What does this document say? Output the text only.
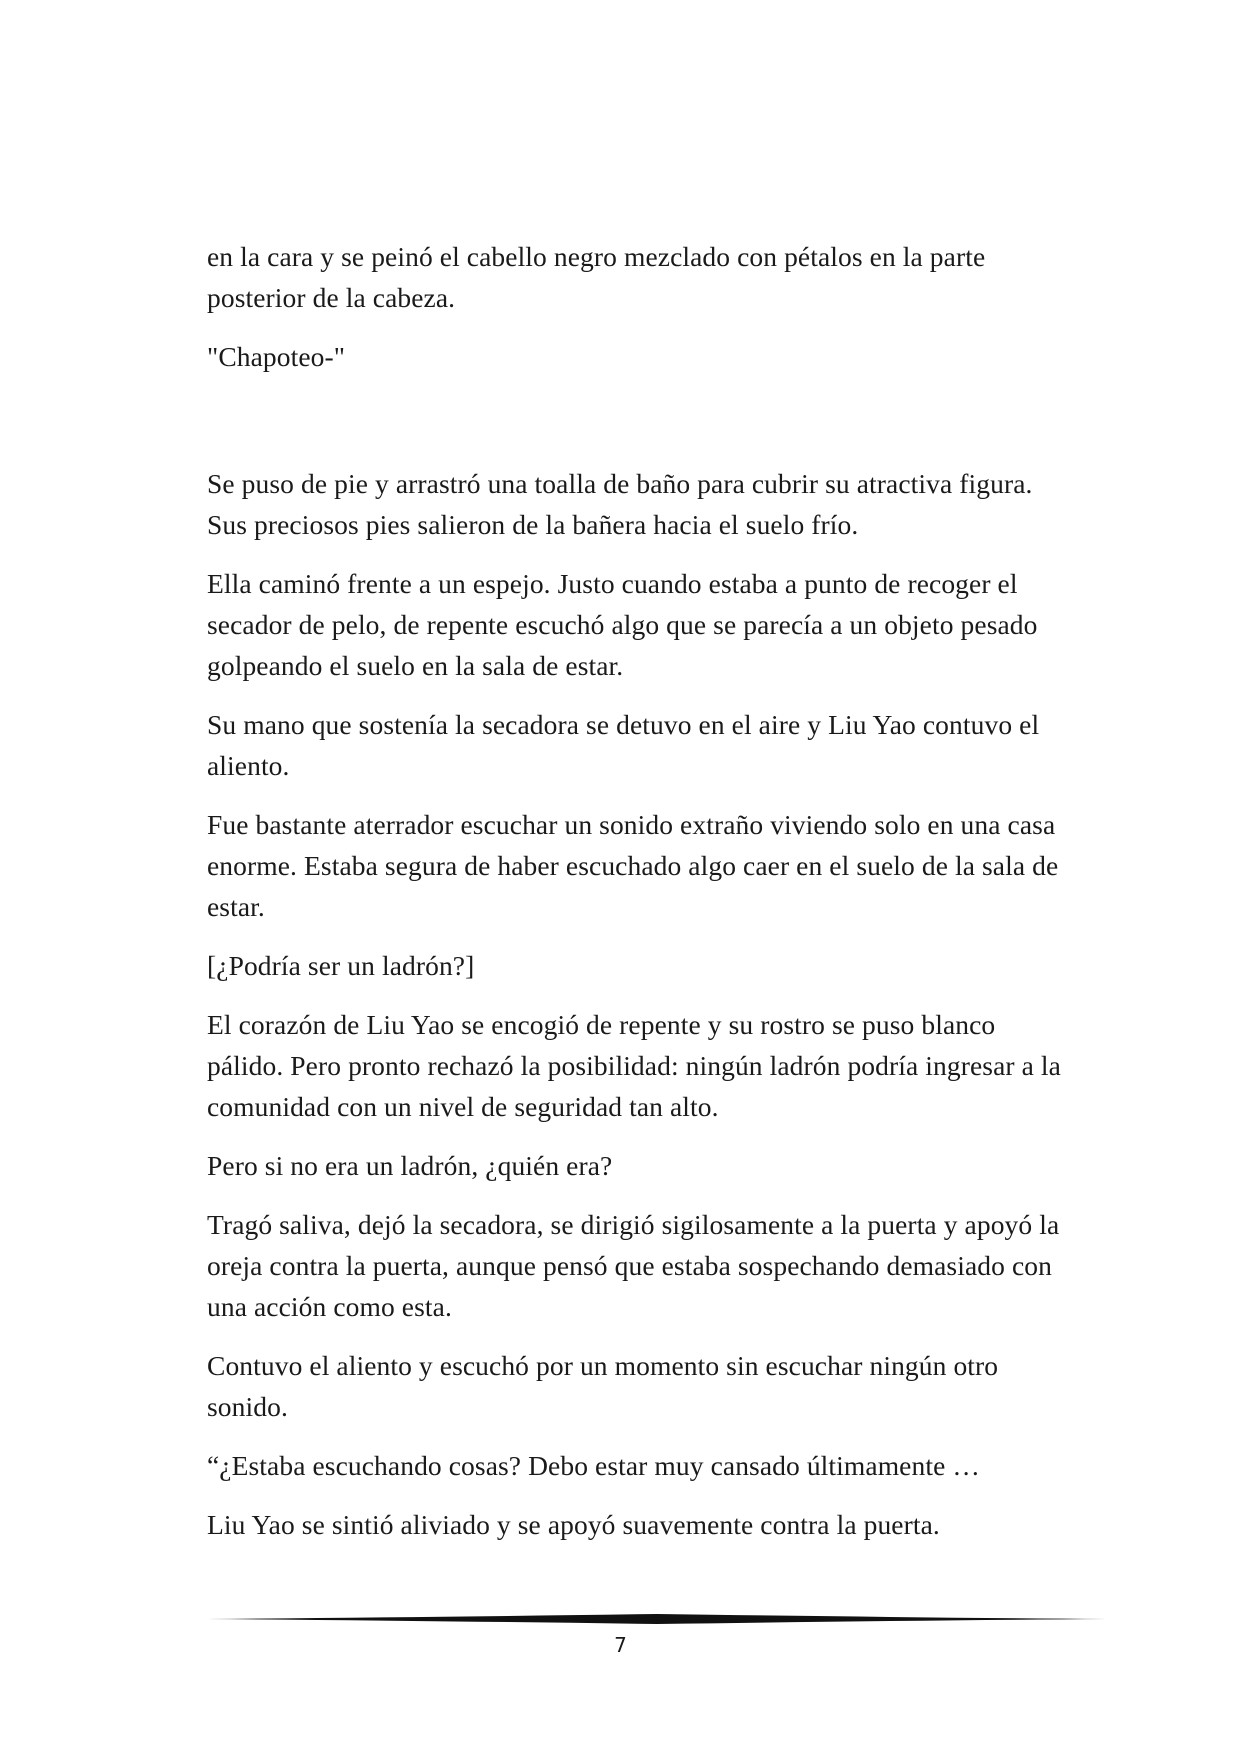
en la cara y se peinó el cabello negro mezclado con pétalos en la parte posterior de la cabeza.

"Chapoteo-"

Se puso de pie y arrastró una toalla de baño para cubrir su atractiva figura. Sus preciosos pies salieron de la bañera hacia el suelo frío.

Ella caminó frente a un espejo. Justo cuando estaba a punto de recoger el secador de pelo, de repente escuchó algo que se parecía a un objeto pesado golpeando el suelo en la sala de estar.

Su mano que sostenía la secadora se detuvo en el aire y Liu Yao contuvo el aliento.

Fue bastante aterrador escuchar un sonido extraño viviendo solo en una casa enorme. Estaba segura de haber escuchado algo caer en el suelo de la sala de estar.

[¿Podría ser un ladrón?]

El corazón de Liu Yao se encogió de repente y su rostro se puso blanco pálido. Pero pronto rechazó la posibilidad: ningún ladrón podría ingresar a la comunidad con un nivel de seguridad tan alto.

Pero si no era un ladrón, ¿quién era?

Tragó saliva, dejó la secadora, se dirigió sigilosamente a la puerta y apoyó la oreja contra la puerta, aunque pensó que estaba sospechando demasiado con una acción como esta.

Contuvo el aliento y escuchó por un momento sin escuchar ningún otro sonido.

“¿Estaba escuchando cosas? Debo estar muy cansado últimamente …

Liu Yao se sintió aliviado y se apoyó suavemente contra la puerta.

7
